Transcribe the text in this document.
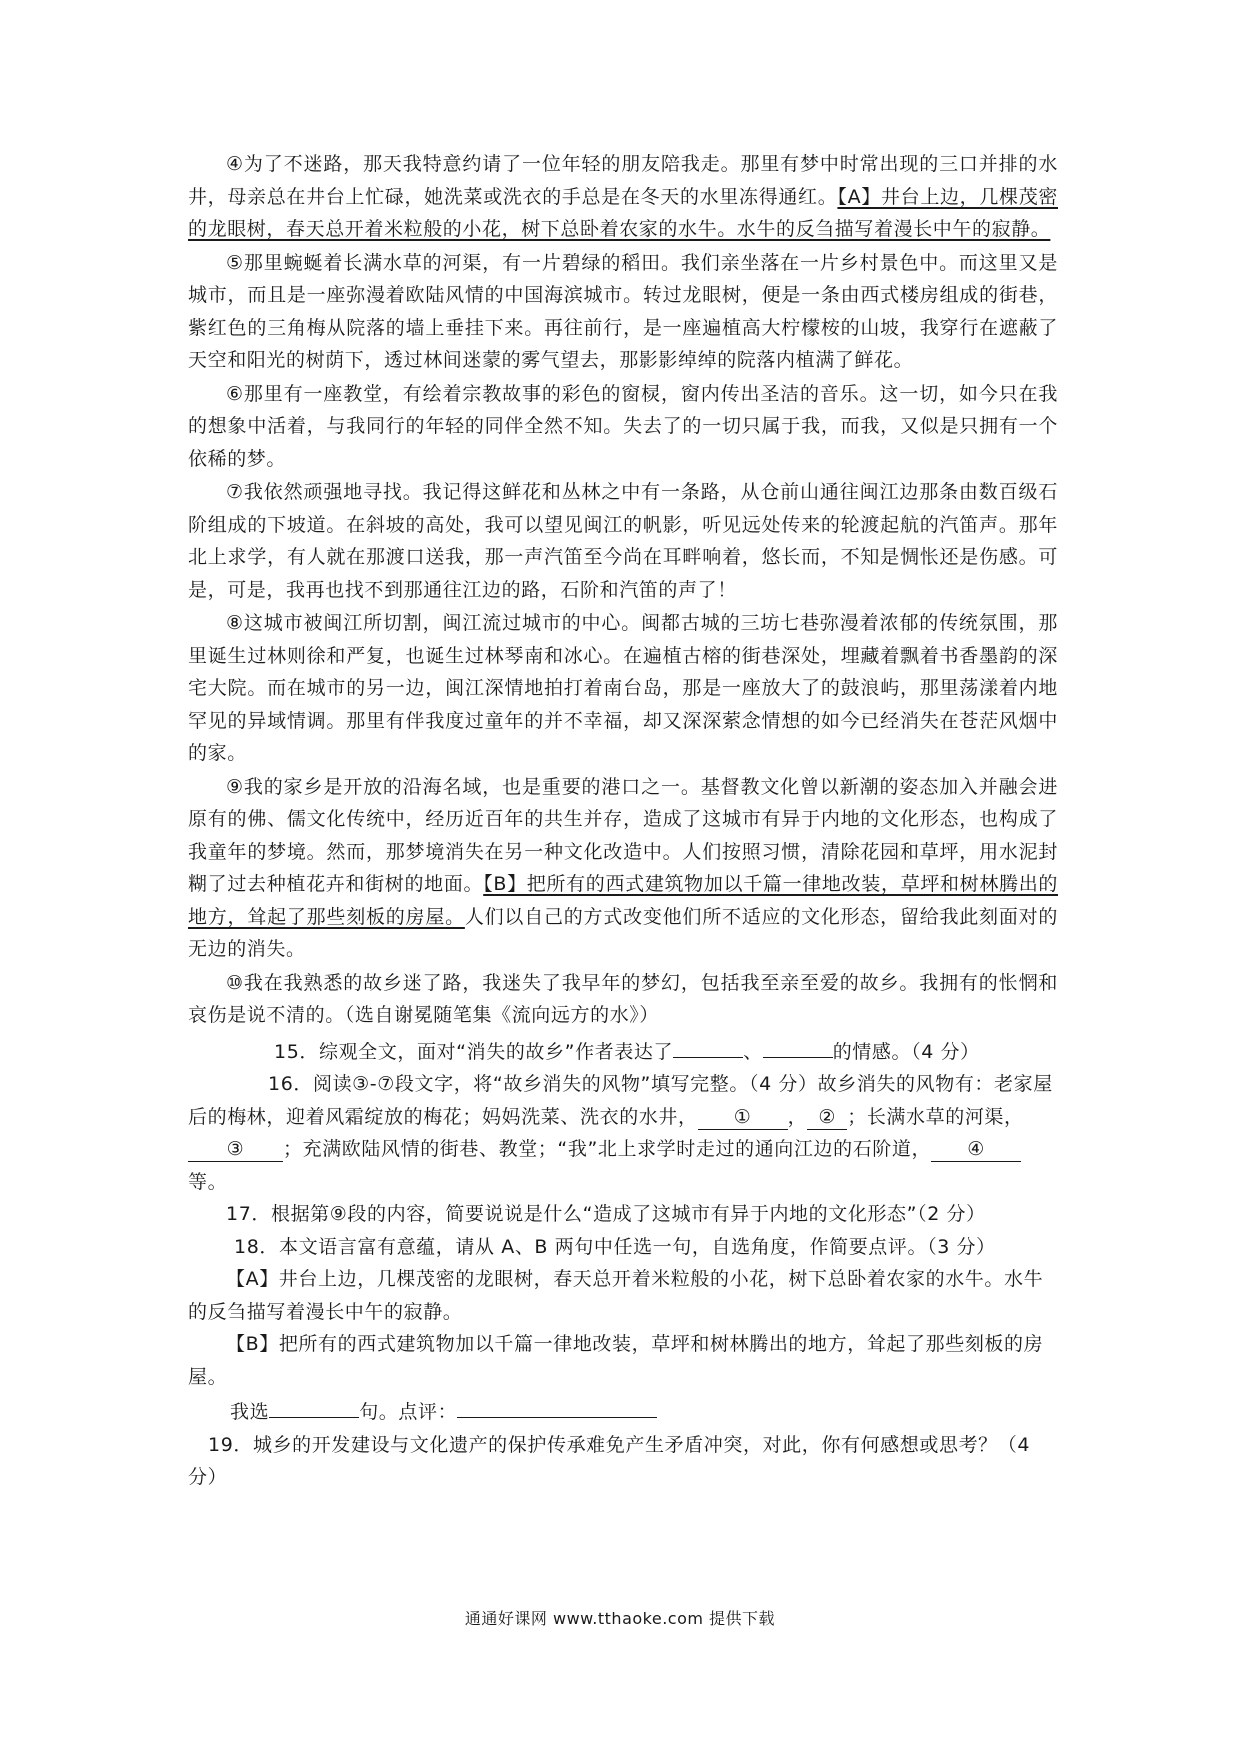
④为了不迷路，那天我特意约请了一位年轻的朋友陪我走。那里有梦中时常出现的三口并排的水井，母亲总在井台上忙碌，她洗菜或洗衣的手总是在冬天的水里冻得通红。【A】井台上边，几棵茂密的龙眼树，春天总开着米粒般的小花，树下总卧着农家的水牛。水牛的反刍描写着漫长中午的寂静。

⑤那里蜿蜒着长满水草的河渠，有一片碧绿的稻田。我们亲坐落在一片乡村景色中。而这里又是城市，而且是一座弥漫着欧陆风情的中国海滨城市。转过龙眼树，便是一条由西式楼房组成的街巷，紫红色的三角梅从院落的墙上垂挂下来。再往前行，是一座遍植高大柠檬桉的山坡，我穿行在遮蔽了天空和阳光的树荫下，透过林间迷蒙的雾气望去，那影影绰绰的院落内植满了鲜花。

⑥那里有一座教堂，有绘着宗教故事的彩色的窗棂，窗内传出圣洁的音乐。这一切，如今只在我的想象中活着，与我同行的年轻的同伴全然不知。失去了的一切只属于我，而我，又似是只拥有一个依稀的梦。

⑦我依然顽强地寻找。我记得这鲜花和丛林之中有一条路，从仓前山通往闽江边那条由数百级石阶组成的下坡道。在斜坡的高处，我可以望见闽江的帆影，听见远处传来的轮渡起航的汽笛声。那年北上求学，有人就在那渡口送我，那一声汽笛至今尚在耳畔响着，悠长而，不知是惆怅还是伤感。可是，可是，我再也找不到那通往江边的路，石阶和汽笛的声了！

⑧这城市被闽江所切割，闽江流过城市的中心。闽都古城的三坊七巷弥漫着浓郁的传统氛围，那里诞生过林则徐和严复，也诞生过林琴南和冰心。在遍植古榕的街巷深处，埋藏着飘着书香墨韵的深宅大院。而在城市的另一边，闽江深情地拍打着南台岛，那是一座放大了的鼓浪屿，那里荡漾着内地罕见的异域情调。那里有伴我度过童年的并不幸福，却又深深萦念情想的如今已经消失在苍茫风烟中的家。

⑨我的家乡是开放的沿海名域，也是重要的港口之一。基督教文化曾以新潮的姿态加入并融会进原有的佛、儒文化传统中，经历近百年的共生并存，造成了这城市有异于内地的文化形态，也构成了我童年的梦境。然而，那梦境消失在另一种文化改造中。人们按照习惯，清除花园和草坪，用水泥封糊了过去种植花卉和街树的地面。【B】把所有的西式建筑物加以千篇一律地改装，草坪和树林腾出的地方，耸起了那些刻板的房屋。人们以自己的方式改变他们所不适应的文化形态，留给我此刻面对的无边的消失。

⑩我在我熟悉的故乡迷了路，我迷失了我早年的梦幻，包括我至亲至爱的故乡。我拥有的怅惘和哀伤是说不清的。（选自谢冕随笔集《流向远方的水》）

15．综观全文，面对“消失的故乡”作者表达了	、	的情感。（4 分）

16．阅读③-⑦段文字，将“故乡消失的风物”填写完整。（4 分）故乡消失的风物有：老家屋后的梅林，迎着风霜绽放的梅花；妈妈洗菜、洗衣的水井， ① ， ② ；长满水草的河渠，③ ；充满欧陆风情的街巷、教堂；“我”北上求学时走过的通向江边的石阶道， ④等。

17．根据第⑨段的内容，简要说说是什么“造成了这城市有异于内地的文化形态”（2 分）

18．本文语言富有意蕴，请从 A、B 两句中任选一句，自选角度，作简要点评。（3 分）

【A】井台上边，几棵茂密的龙眼树，春天总开着米粒般的小花，树下总卧着农家的水牛。水牛的反刍描写着漫长中午的寂静。

【B】把所有的西式建筑物加以千篇一律地改装，草坪和树林腾出的地方，耸起了那些刻板的房屋。

我选	句。点评：

19．城乡的开发建设与文化遗产的保护传承难免产生矛盾冲突，对此，你有何感想或思考？（4 分）

通通好课网 www.tthaoke.com 提供下载
